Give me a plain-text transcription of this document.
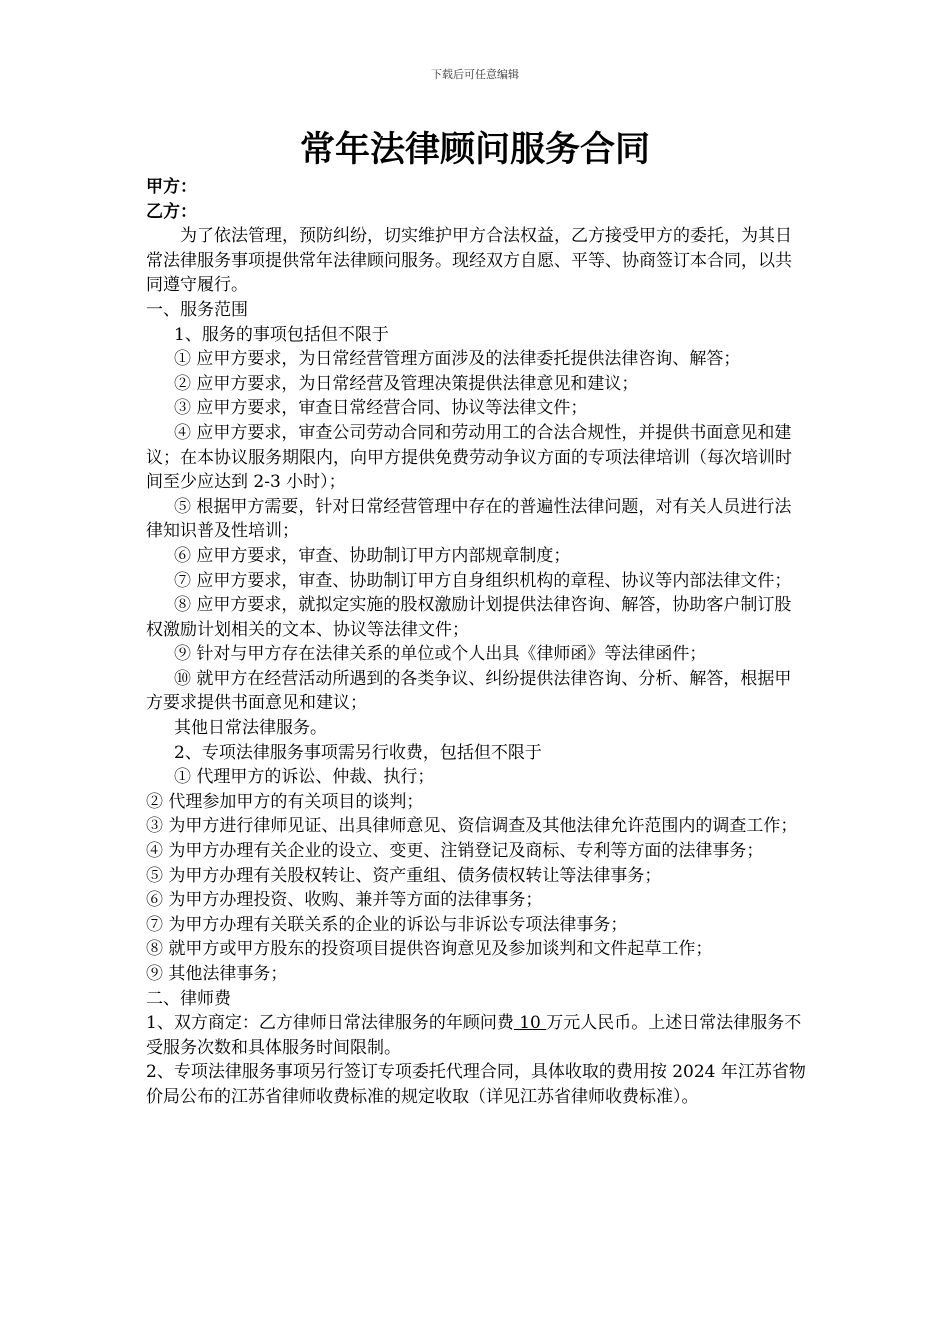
下载后可任意编辑
常年法律顾问服务合同

甲方：

乙方：

为了依法管理，预防纠纷，切实维护甲方合法权益，乙方接受甲方的委托，为其日常法律服务事项提供常年法律顾问服务。现经双方自愿、平等、协商签订本合同，以共同遵守履行。

一、服务范围

1、服务的事项包括但不限于

① 应甲方要求，为日常经营管理方面涉及的法律委托提供法律咨询、解答；

② 应甲方要求，为日常经营及管理决策提供法律意见和建议；

③ 应甲方要求，审查日常经营合同、协议等法律文件；

④ 应甲方要求，审查公司劳动合同和劳动用工的合法合规性，并提供书面意见和建议；在本协议服务期限内，向甲方提供免费劳动争议方面的专项法律培训（每次培训时间至少应达到 2-3 小时）；

⑤ 根据甲方需要，针对日常经营管理中存在的普遍性法律问题，对有关人员进行法律知识普及性培训；

⑥ 应甲方要求，审查、协助制订甲方内部规章制度；

⑦ 应甲方要求，审查、协助制订甲方自身组织机构的章程、协议等内部法律文件；

⑧ 应甲方要求，就拟定实施的股权激励计划提供法律咨询、解答，协助客户制订股权激励计划相关的文本、协议等法律文件；

⑨ 针对与甲方存在法律关系的单位或个人出具《律师函》等法律函件；

⑩ 就甲方在经营活动所遇到的各类争议、纠纷提供法律咨询、分析、解答，根据甲方要求提供书面意见和建议；

其他日常法律服务。

2、专项法律服务事项需另行收费，包括但不限于

① 代理甲方的诉讼、仲裁、执行；

② 代理参加甲方的有关项目的谈判；

③ 为甲方进行律师见证、出具律师意见、资信调查及其他法律允许范围内的调查工作；

④ 为甲方办理有关企业的设立、变更、注销登记及商标、专利等方面的法律事务；

⑤ 为甲方办理有关股权转让、资产重组、债务债权转让等法律事务；

⑥ 为甲方办理投资、收购、兼并等方面的法律事务；

⑦ 为甲方办理有关联关系的企业的诉讼与非诉讼专项法律事务；

⑧ 就甲方或甲方股东的投资项目提供咨询意见及参加谈判和文件起草工作；

⑨ 其他法律事务；

二、律师费

1、双方商定：乙方律师日常法律服务的年顾问费 10 万元人民币。上述日常法律服务不受服务次数和具体服务时间限制。

2、专项法律服务事项另行签订专项委托代理合同，具体收取的费用按 2024 年江苏省物价局公布的江苏省律师收费标准的规定收取（详见江苏省律师收费标准）。
